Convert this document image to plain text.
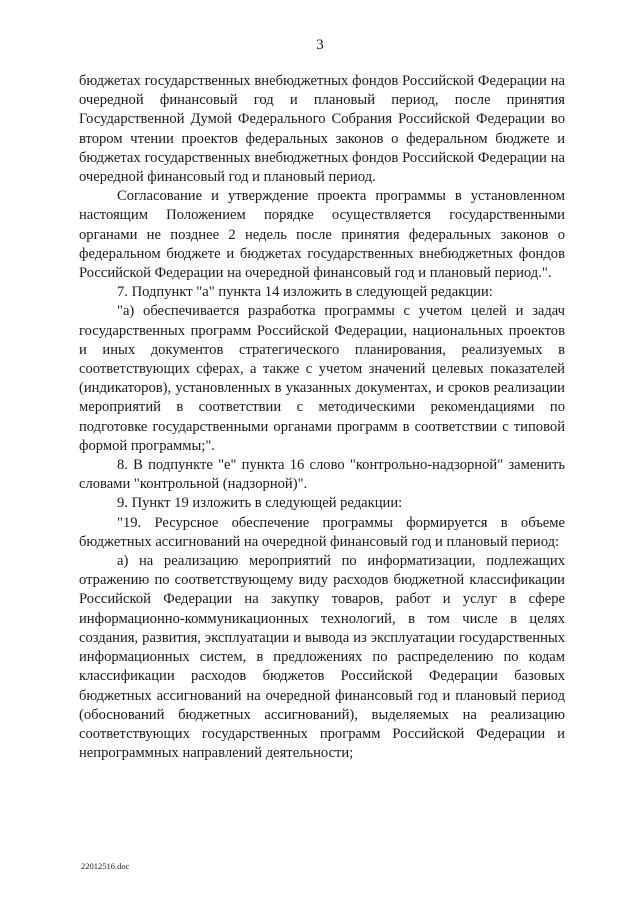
3

бюджетах государственных внебюджетных фондов Российской Федерации на очередной финансовый год и плановый период, после принятия Государственной Думой Федерального Собрания Российской Федерации во втором чтении проектов федеральных законов о федеральном бюджете и бюджетах государственных внебюджетных фондов Российской Федерации на очередной финансовый год и плановый период.

Согласование и утверждение проекта программы в установленном настоящим Положением порядке осуществляется государственными органами не позднее 2 недель после принятия федеральных законов о федеральном бюджете и бюджетах государственных внебюджетных фондов Российской Федерации на очередной финансовый год и плановый период.".

7. Подпункт "а" пункта 14 изложить в следующей редакции:

"а) обеспечивается разработка программы с учетом целей и задач государственных программ Российской Федерации, национальных проектов и иных документов стратегического планирования, реализуемых в соответствующих сферах, а также с учетом значений целевых показателей (индикаторов), установленных в указанных документах, и сроков реализации мероприятий в соответствии с методическими рекомендациями по подготовке государственными органами программ в соответствии с типовой формой программы;".

8. В подпункте "е" пункта 16 слово "контрольно-надзорной" заменить словами "контрольной (надзорной)".

9. Пункт 19 изложить в следующей редакции:

"19. Ресурсное обеспечение программы формируется в объеме бюджетных ассигнований на очередной финансовый год и плановый период:

а) на реализацию мероприятий по информатизации, подлежащих отражению по соответствующему виду расходов бюджетной классификации Российской Федерации на закупку товаров, работ и услуг в сфере информационно-коммуникационных технологий, в том числе в целях создания, развития, эксплуатации и вывода из эксплуатации государственных информационных систем, в предложениях по распределению по кодам классификации расходов бюджетов Российской Федерации базовых бюджетных ассигнований на очередной финансовый год и плановый период (обоснований бюджетных ассигнований), выделяемых на реализацию соответствующих государственных программ Российской Федерации и непрограммных направлений деятельности;

22012516.doc
